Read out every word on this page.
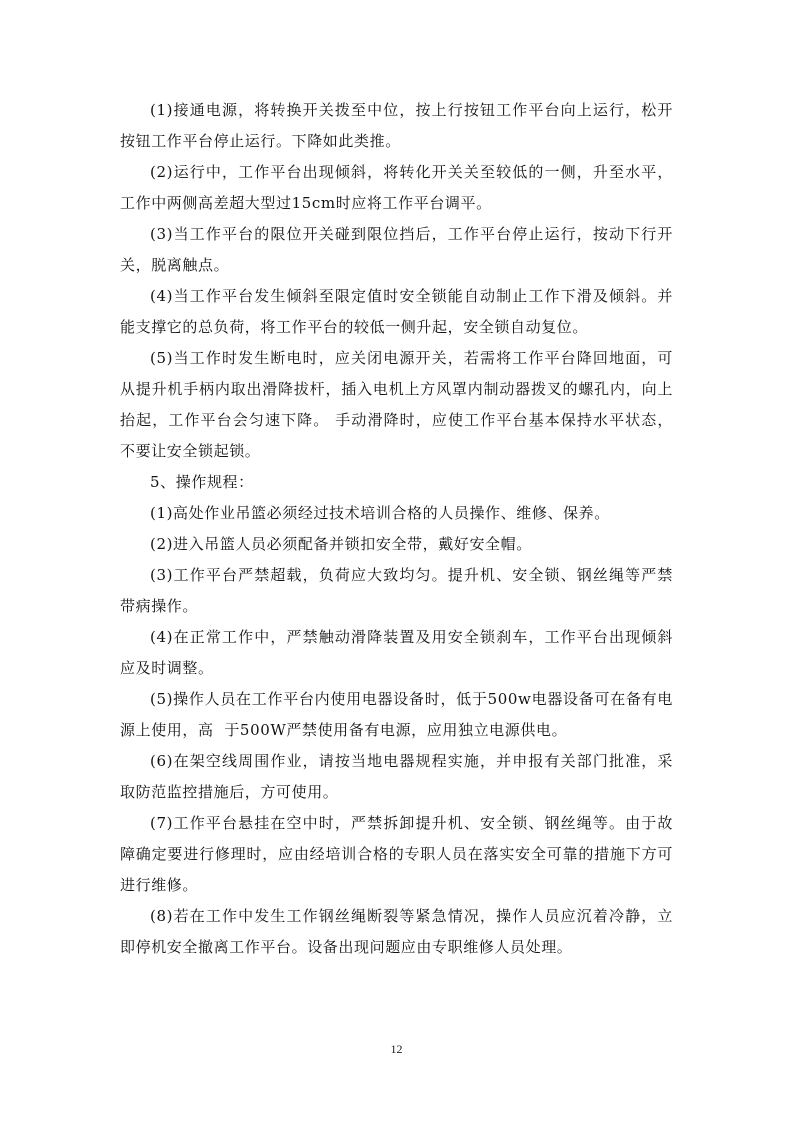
(1)接通电源，将转换开关拨至中位，按上行按钮工作平台向上运行，松开
按钮工作平台停止运行。下降如此类推。
(2)运行中，工作平台出现倾斜，将转化开关关至较低的一侧，升至水平，
工作中两侧高差超大型过15cm时应将工作平台调平。
(3)当工作平台的限位开关碰到限位挡后，工作平台停止运行，按动下行开
关，脱离触点。
(4)当工作平台发生倾斜至限定值时安全锁能自动制止工作下滑及倾斜。并
能支撑它的总负荷，将工作平台的较低一侧升起，安全锁自动复位。
(5)当工作时发生断电时，应关闭电源开关，若需将工作平台降回地面，可
从提升机手柄内取出滑降拔杆，插入电机上方风罩内制动器拨叉的螺孔内，向上
抬起，工作平台会匀速下降。 手动滑降时，应使工作平台基本保持水平状态，
不要让安全锁起锁。
5、操作规程：
(1)高处作业吊篮必须经过技术培训合格的人员操作、维修、保养。
(2)进入吊篮人员必须配备并锁扣安全带，戴好安全帽。
(3)工作平台严禁超载，负荷应大致均匀。提升机、安全锁、钢丝绳等严禁
带病操作。
(4)在正常工作中，严禁触动滑降装置及用安全锁刹车，工作平台出现倾斜
应及时调整。
(5)操作人员在工作平台内使用电器设备时，低于500w电器设备可在备有电
源上使用，高  于500W严禁使用备有电源，应用独立电源供电。
(6)在架空线周围作业，请按当地电器规程实施，并申报有关部门批准，采
取防范监控措施后，方可使用。
(7)工作平台悬挂在空中时，严禁拆卸提升机、安全锁、钢丝绳等。由于故
障确定要进行修理时，应由经培训合格的专职人员在落实安全可靠的措施下方可
进行维修。
(8)若在工作中发生工作钢丝绳断裂等紧急情况，操作人员应沉着冷静，立
即停机安全撤离工作平台。设备出现问题应由专职维修人员处理。
12
